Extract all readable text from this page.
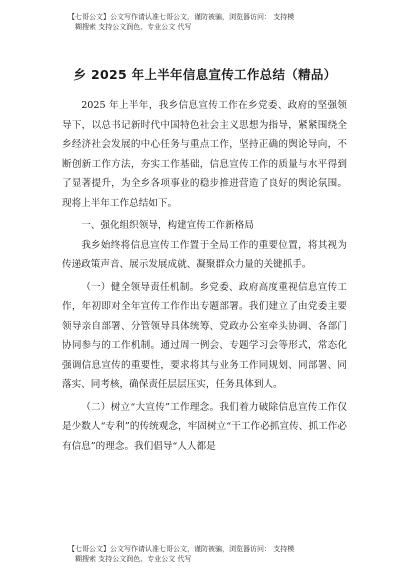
【七哥公文】公文写作请认准七哥公文，谨防被骗，浏览器访问： 支持模
糊搜索 支持公文润色、专业公文 代写
乡 2025 年上半年信息宣传工作总结（精品）

2025 年上半年，我乡信息宣传工作在乡党委、政府的坚强领导下，以总书记新时代中国特色社会主义思想为指导，紧紧围绕全乡经济社会发展的中心任务与重点工作，坚持正确的舆论导向，不断创新工作方法，夯实工作基础，信息宣传工作的质量与水平得到了显著提升，为全乡各项事业的稳步推进营造了良好的舆论氛围。现将上半年工作总结如下。

一、强化组织领导，构建宣传工作新格局

我乡始终将信息宣传工作置于全局工作的重要位置，将其视为传递政策声音、展示发展成就、凝聚群众力量的关键抓手。

（一）健全领导责任机制。乡党委、政府高度重视信息宣传工作，年初即对全年宣传工作作出专题部署。我们建立了由党委主要领导亲自部署、分管领导具体统筹、党政办公室牵头协调、各部门协同参与的工作机制。通过周一例会、专题学习会等形式，常态化强调信息宣传的重要性，要求将其与业务工作同规划、同部署、同落实、同考核，确保责任层层压实，任务具体到人。

（二）树立“大宣传”工作理念。我们着力破除信息宣传工作仅是少数人“专利”的传统观念，牢固树立“干工作必抓宣传、抓工作必有信息”的理念。我们倡导“人人都是

【七哥公文】公文写作请认准七哥公文，谨防被骗，浏览器访问： 支持模
糊搜索 支持公文润色、专业公文 代写
